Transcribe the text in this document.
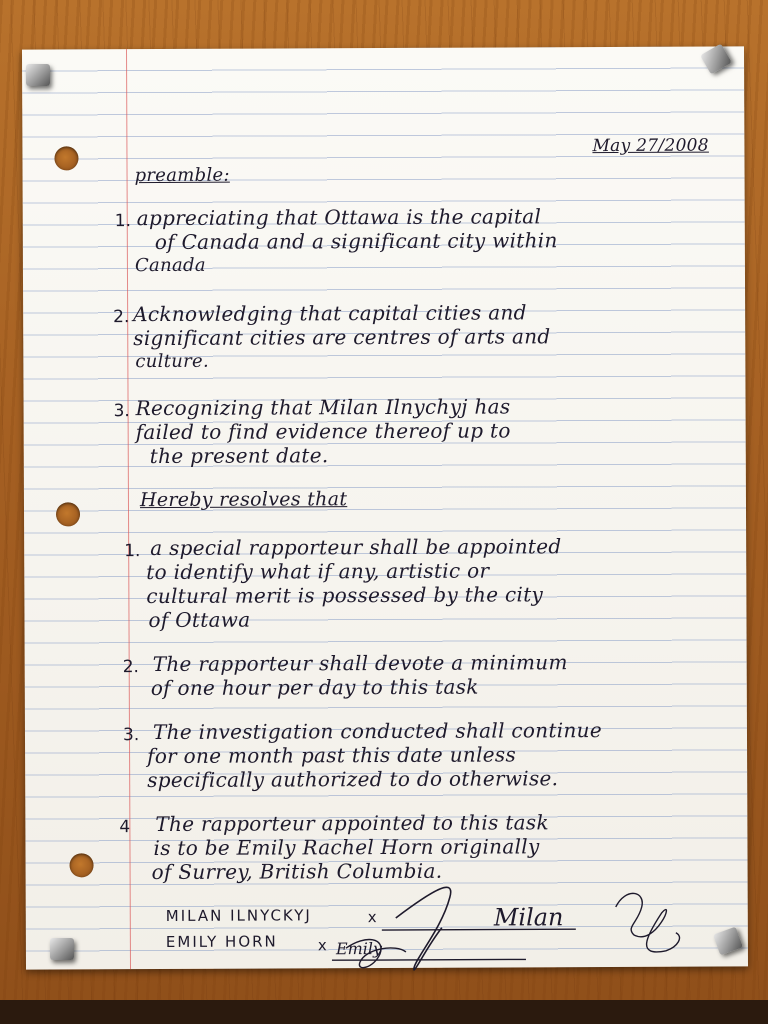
May 27/2008
preamble:
1. appreciating that Ottawa is the capital
of Canada and a significant city within
Canada
2. Acknowledging that capital cities and
significant cities are centres of arts and
culture.
3. Recognizing that Milan Ilnychyj has
failed to find evidence thereof up to
the present date.
Hereby resolves that
1. a special rapporteur shall be appointed
to identify what if any, artistic or
cultural merit is possessed by the city
of Ottawa
2. The rapporteur shall devote a minimum
of one hour per day to this task
3. The investigation conducted shall continue
for one month past this date unless
specifically authorized to do otherwise.
4 The rapporteur appointed to this task
is to be Emily Rachel Horn originally
of Surrey, British Columbia.
MILAN ILNYCKYJ	x
EMILY HORN	x
Milan
Emily
